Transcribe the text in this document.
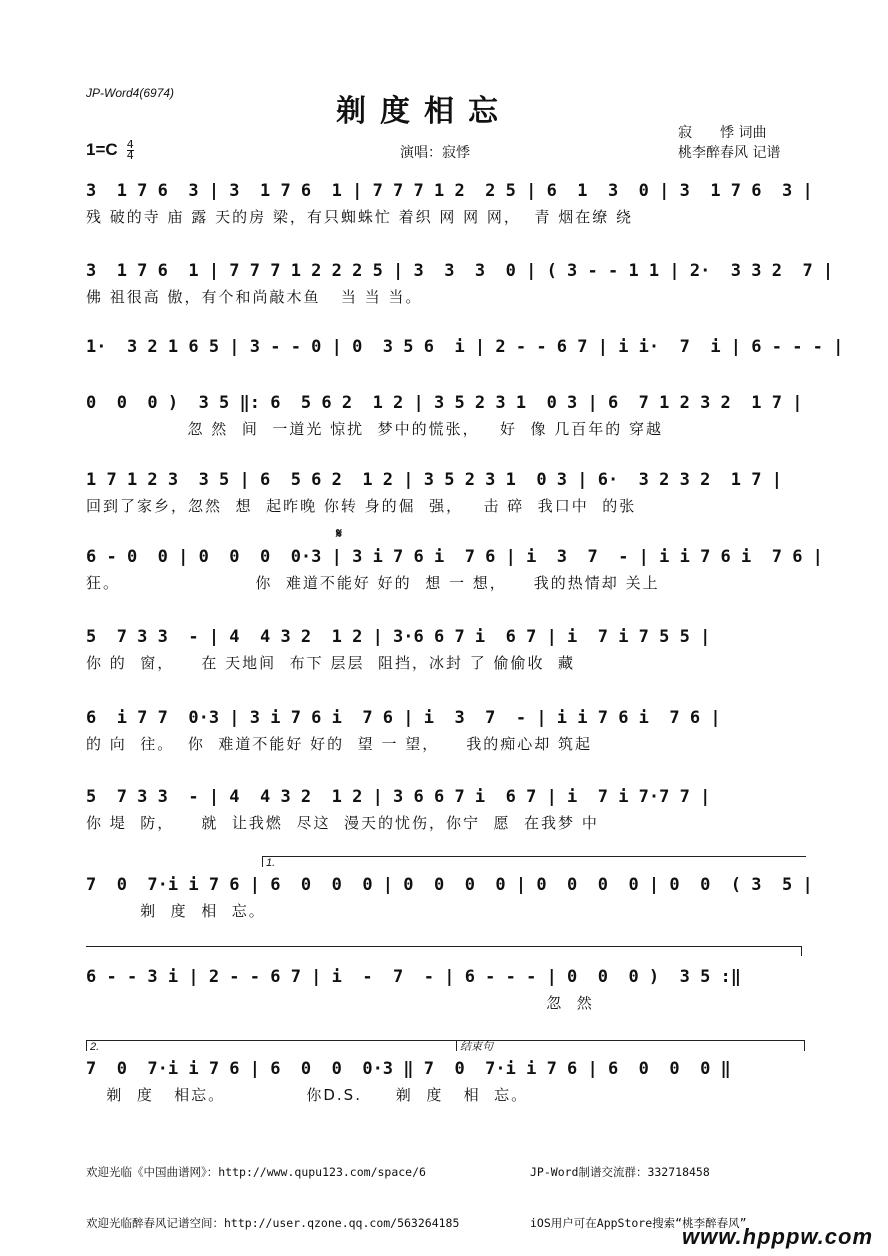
JP-Word4(6974)
剃度相忘
寂　　悸 词曲
桃李醉春风 记谱
演唱：寂悸
$1=C \frac{4}{4}$
3  1 7 6  3 | 3  1 7 6  1 | 7 7 7 1 2  2 5 | 6  1  3  0 | 3  1 7 6  3 |
残 破的寺 庙 露 天的房 梁，有只蜘蛛忙 着织 网 网 网，  青 烟在缭 绕
3  1 7 6  1 | 7 7 7 1 2 2 2 5 | 3  3  3  0 | ( 3 - - 1 1 | 2·  3 3 2  7 |
佛 祖很高 傲，有个和尚敲木鱼   当 当 当。
1·  3 2 1 6 5 | 3 - - 0 | 0  3 5 6  i | 2 - - 6 7 | i i·  7  i | 6 - - - |
0  0  0 )  3 5 ‖: 6  5 6 2  1 2 | 3 5 2 3 1  0 3 | 6  7 1 2 3 2  1 7 |
忽 然  间  一道光 惊扰  梦中的慌张，   好  像 几百年的 穿越
1 7 1 2 3  3 5 | 6  5 6 2  1 2 | 3 5 2 3 1  0 3 | 6·  3 2 3 2  1 7 |
回到了家乡，忽然  想  起昨晚 你转 身的倔  强，   击 碎  我口中  的张
𝄋
6 - 0  0 | 0  0  0  0·3 | 3 i 7 6 i  7 6 | i  3  7  - | i i 7 6 i  7 6 |
狂。                    你  难道不能好 好的  想 一 想，    我的热情却 关上
5  7 3 3  - | 4  4 3 2  1 2 | 3·6 6 7 i  6 7 | i  7 i 7 5 5 |
你 的  窗，    在 天地间  布下 层层  阻挡，冰封 了 偷偷收  藏
6  i 7 7  0·3 | 3 i 7 6 i  7 6 | i  3  7  - | i i 7 6 i  7 6 |
的 向  往。  你  难道不能好 好的  望 一 望，    我的痴心却 筑起
5  7 3 3  - | 4  4 3 2  1 2 | 3 6 6 7 i  6 7 | i  7 i 7·7 7 |
你 堤  防，    就  让我燃  尽这  漫天的忧伤，你宁  愿  在我梦 中
1.
7  0  7·i i 7 6 | 6  0  0  0 | 0  0  0  0 | 0  0  0  0 | 0  0  ( 3  5 |
剃  度  相  忘。
6 - - 3 i | 2 - - 6 7 | i  -  7  - | 6 - - - | 0  0  0 )  3 5 :‖
忽  然
2.	结束句
7  0  7·i i 7 6 | 6  0  0  0·3 ‖ 7  0  7·i i 7 6 | 6  0  0  0 ‖
剃  度   相忘。            你D.S.     剃  度   相  忘。

欢迎光临《中国曲谱网》：http://www.qupu123.com/space/6

欢迎光临醉春风记谱空间：http://user.qzone.qq.com/563264185

JP-Word制谱交流群：332718458

iOS用户可在AppStore搜索“桃李醉春风”

www.hpppw.com
